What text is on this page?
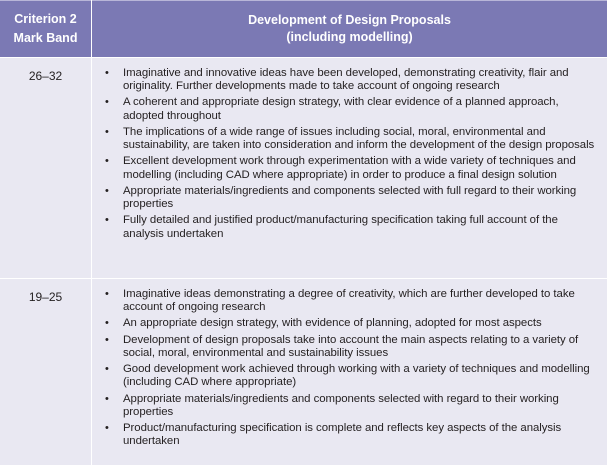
Criterion 2
Mark Band
Development of Design Proposals
(including modelling)
26–32	• Imaginative and innovative ideas have been developed, demonstrating creativity, flair and originality. Further developments made to take account of ongoing research
• A coherent and appropriate design strategy, with clear evidence of a planned approach, adopted throughout
• The implications of a wide range of issues including social, moral, environmental and sustainability, are taken into consideration and inform the development of the design proposals
• Excellent development work through experimentation with a wide variety of techniques and modelling (including CAD where appropriate) in order to produce a final design solution
• Appropriate materials/ingredients and components selected with full regard to their working properties
• Fully detailed and justified product/manufacturing specification taking full account of the analysis undertaken
19–25	• Imaginative ideas demonstrating a degree of creativity, which are further developed to take account of ongoing research
• An appropriate design strategy, with evidence of planning, adopted for most aspects
• Development of design proposals take into account the main aspects relating to a variety of social, moral, environmental and sustainability issues
• Good development work achieved through working with a variety of techniques and modelling (including CAD where appropriate)
• Appropriate materials/ingredients and components selected with regard to their working properties
• Product/manufacturing specification is complete and reflects key aspects of the analysis undertaken
